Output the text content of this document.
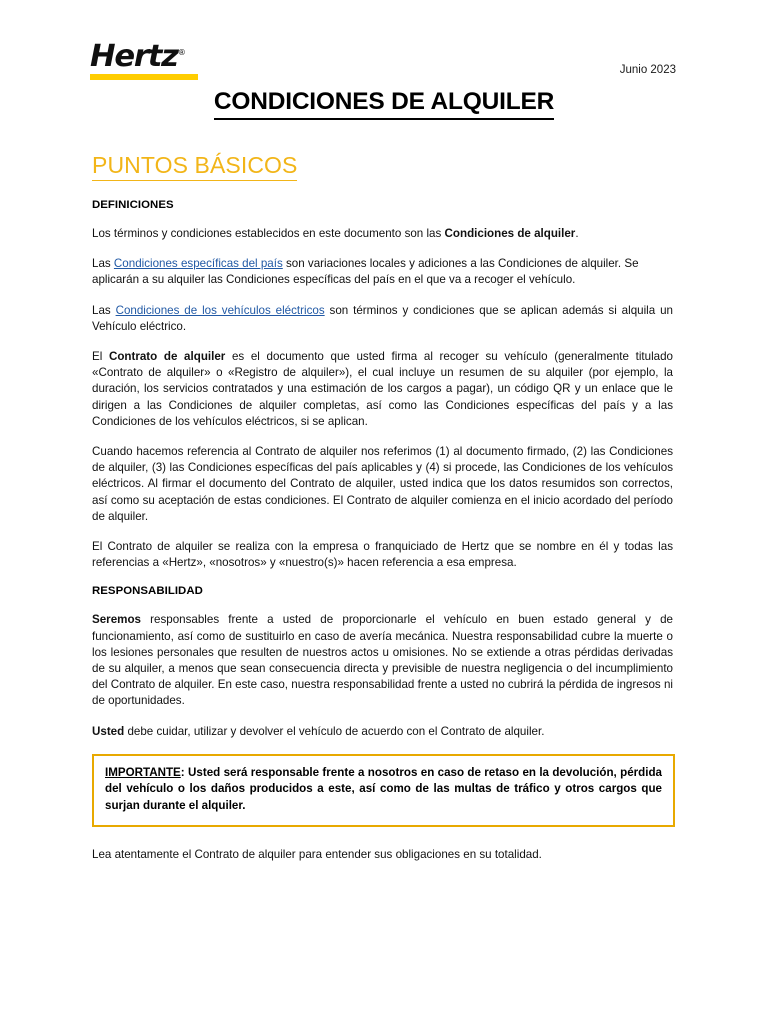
Hertz®
Junio 2023
CONDICIONES DE ALQUILER
PUNTOS BÁSICOS
DEFINICIONES

Los términos y condiciones establecidos en este documento son las Condiciones de alquiler.

Las Condiciones específicas del país son variaciones locales y adiciones a las Condiciones de alquiler. Se aplicarán a su alquiler las Condiciones específicas del país en el que va a recoger el vehículo.

Las Condiciones de los vehículos eléctricos son términos y condiciones que se aplican además si alquila un Vehículo eléctrico.

El Contrato de alquiler es el documento que usted firma al recoger su vehículo (generalmente titulado «Contrato de alquiler» o «Registro de alquiler»), el cual incluye un resumen de su alquiler (por ejemplo, la duración, los servicios contratados y una estimación de los cargos a pagar), un código QR y un enlace que le dirigen a las Condiciones de alquiler completas, así como las Condiciones específicas del país y a las Condiciones de los vehículos eléctricos, si se aplican.

Cuando hacemos referencia al Contrato de alquiler nos referimos (1) al documento firmado, (2) las Condiciones de alquiler, (3) las Condiciones específicas del país aplicables y (4) si procede, las Condiciones de los vehículos eléctricos. Al firmar el documento del Contrato de alquiler, usted indica que los datos resumidos son correctos, así como su aceptación de estas condiciones. El Contrato de alquiler comienza en el inicio acordado del período de alquiler.

El Contrato de alquiler se realiza con la empresa o franquiciado de Hertz que se nombre en él y todas las referencias a «Hertz», «nosotros» y «nuestro(s)» hacen referencia a esa empresa.

RESPONSABILIDAD

Seremos responsables frente a usted de proporcionarle el vehículo en buen estado general y de funcionamiento, así como de sustituirlo en caso de avería mecánica. Nuestra responsabilidad cubre la muerte o los lesiones personales que resulten de nuestros actos u omisiones. No se extiende a otras pérdidas derivadas de su alquiler, a menos que sean consecuencia directa y previsible de nuestra negligencia o del incumplimiento del Contrato de alquiler. En este caso, nuestra responsabilidad frente a usted no cubrirá la pérdida de ingresos ni de oportunidades.

Usted debe cuidar, utilizar y devolver el vehículo de acuerdo con el Contrato de alquiler.

IMPORTANTE: Usted será responsable frente a nosotros en caso de retaso en la devolución, pérdida del vehículo o los daños producidos a este, así como de las multas de tráfico y otros cargos que surjan durante el alquiler.

Lea atentamente el Contrato de alquiler para entender sus obligaciones en su totalidad.
